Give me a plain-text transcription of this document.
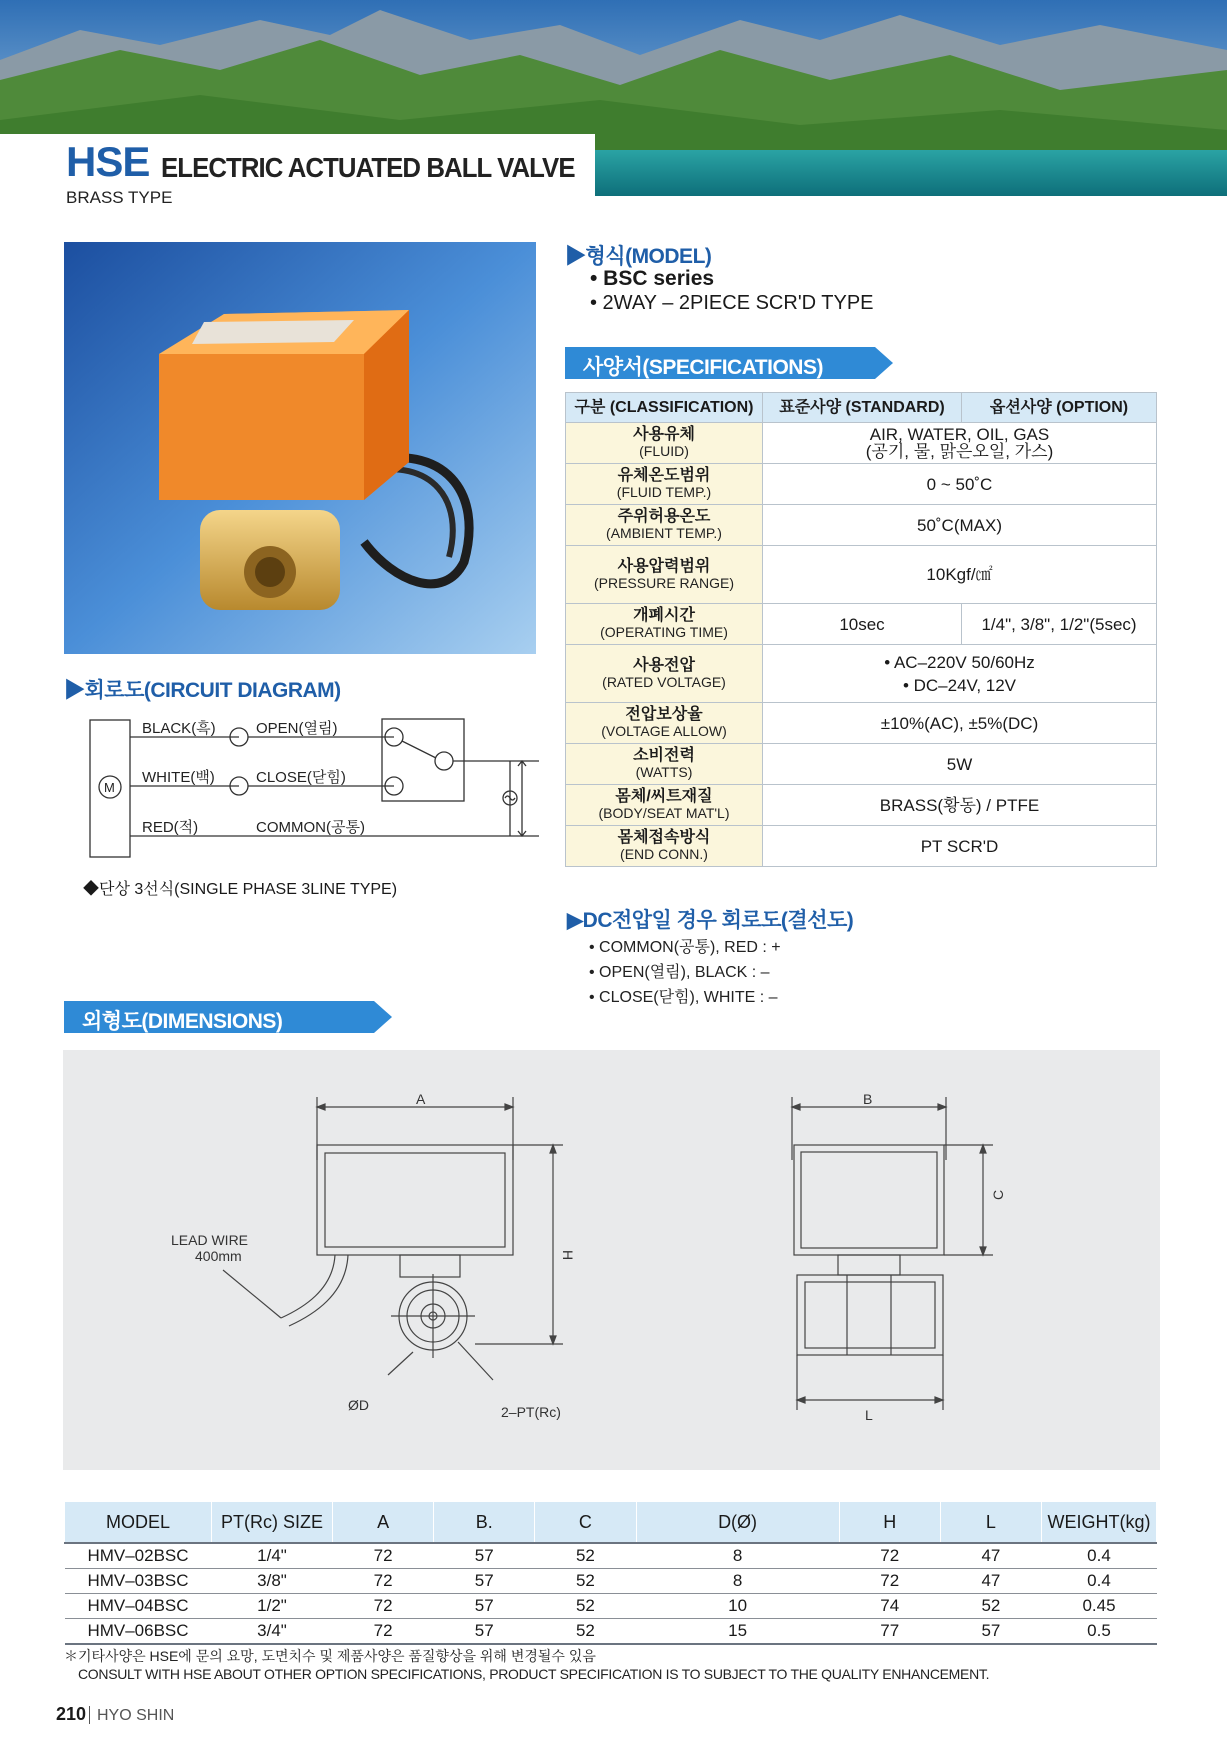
HSE ELECTRIC ACTUATED BALL VALVE
BRASS TYPE
▶형식(MODEL)
• BSC series
• 2WAY – 2PIECE SCR'D TYPE
사양서(SPECIFICATIONS)
구분 (CLASSIFICATION)	표준사양 (STANDARD)	옵션사양 (OPTION)

사용유체
(FLUID)	AIR, WATER, OIL, GAS
(공기, 물, 맑은오일, 가스)	

유체온도범위
(FLUID TEMP.)	0 ~ 50˚C	

주위허용온도
(AMBIENT TEMP.)	50˚C(MAX)	

사용압력범위
(PRESSURE RANGE)	10Kgf/㎠	

개폐시간
(OPERATING TIME)	10sec	1/4", 3/8", 1/2"(5sec)

사용전압
(RATED VOLTAGE)	• AC–220V 50/60Hz
• DC–24V, 12V	

전압보상율
(VOLTAGE ALLOW)	±10%(AC), ±5%(DC)	

소비전력
(WATTS)	5W	

몸체/씨트재질
(BODY/SEAT MAT'L)	BRASS(황동) / PTFE	

몸체접속방식
(END CONN.)	PT SCR'D	
▶회로도(CIRCUIT DIAGRAM)
M
BLACK(흑)	OPEN(열림)
WHITE(백)	CLOSE(닫힘)
RED(적)	COMMON(공통)
◆단상 3선식(SINGLE PHASE 3LINE TYPE)
▶DC전압일 경우 회로도(결선도)
• COMMON(공통), RED : +
• OPEN(열림), BLACK : –
• CLOSE(닫힘), WHITE : –
외형도(DIMENSIONS)
A
H
ØD	2–PT(Rc)
LEAD WIRE
400mm
B
C
L
MODEL	PT(Rc) SIZE	A	B.	C	D(Ø)	H	L	WEIGHT(kg)
HMV–02BSC	1/4"	72	57	52	8	72	47	0.4
HMV–03BSC	3/8"	72	57	52	8	72	47	0.4
HMV–04BSC	1/2"	72	57	52	10	74	52	0.45
HMV–06BSC	3/4"	72	57	52	15	77	57	0.5
＊기타사양은 HSE에 문의 요망, 도면치수 및 제품사양은 품질향상을 위해 변경될수 있음
CONSULT WITH HSE ABOUT OTHER OPTION SPECIFICATIONS, PRODUCT SPECIFICATION IS TO SUBJECT TO THE QUALITY ENHANCEMENT.
210 HYO SHIN
